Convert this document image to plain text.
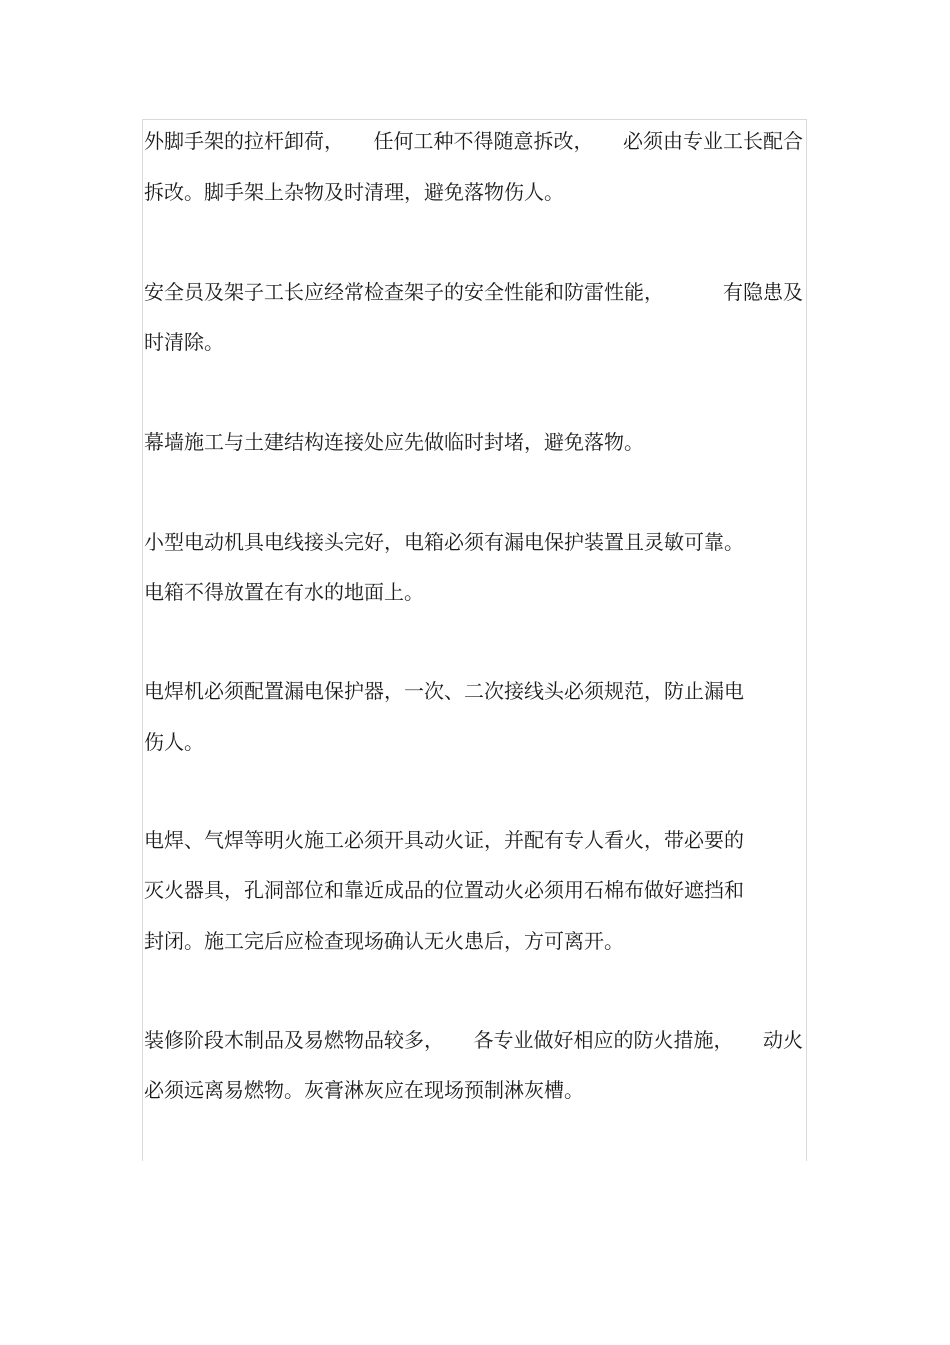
外脚手架的拉杆卸荷， 任何工种不得随意拆改， 必须由专业工长配合
拆改。脚手架上杂物及时清理，避免落物伤人。
安全员及架子工长应经常检查架子的安全性能和防雷性能，	有隐患及
时清除。
幕墙施工与土建结构连接处应先做临时封堵，避免落物。
小型电动机具电线接头完好，电箱必须有漏电保护装置且灵敏可靠。
电箱不得放置在有水的地面上。
电焊机必须配置漏电保护器，一次、二次接线头必须规范，防止漏电
伤人。
电焊、气焊等明火施工必须开具动火证，并配有专人看火，带必要的
灭火器具，孔洞部位和靠近成品的位置动火必须用石棉布做好遮挡和
封闭。施工完后应检查现场确认无火患后，方可离开。
装修阶段木制品及易燃物品较多， 各专业做好相应的防火措施， 动火
必须远离易燃物。灰膏淋灰应在现场预制淋灰槽。
